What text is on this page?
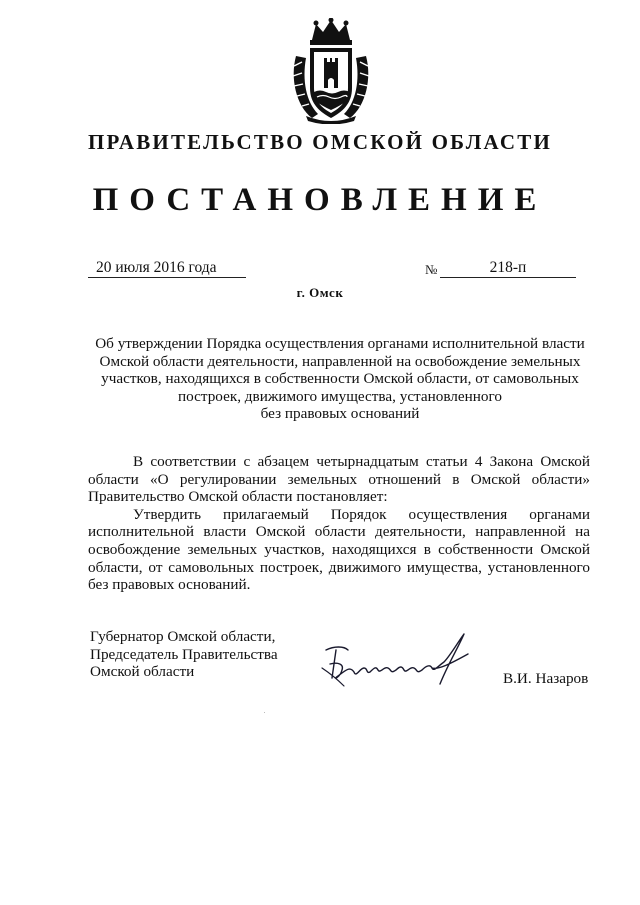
ПРАВИТЕЛЬСТВО ОМСКОЙ ОБЛАСТИ
ПОСТАНОВЛЕНИЕ
20 июля 2016 года	№	218-п
г. Омск
Об утверждении Порядка осуществления органами исполнительной власти
Омской области деятельности, направленной на освобождение земельных
участков, находящихся в собственности Омской области, от самовольных
построек, движимого имущества, установленного
без правовых оснований

В соответствии с абзацем четырнадцатым статьи 4 Закона Омской области «О регулировании земельных отношений в Омской области» Правительство Омской области постановляет:

Утвердить прилагаемый Порядок осуществления органами исполнительной власти Омской области деятельности, направленной на освобождение земельных участков, находящихся в собственности Омской области, от самовольных построек, движимого имущества, установленного без правовых оснований.

Губернатор Омской области,
Председатель Правительства
Омской области	В.И. Назаров
